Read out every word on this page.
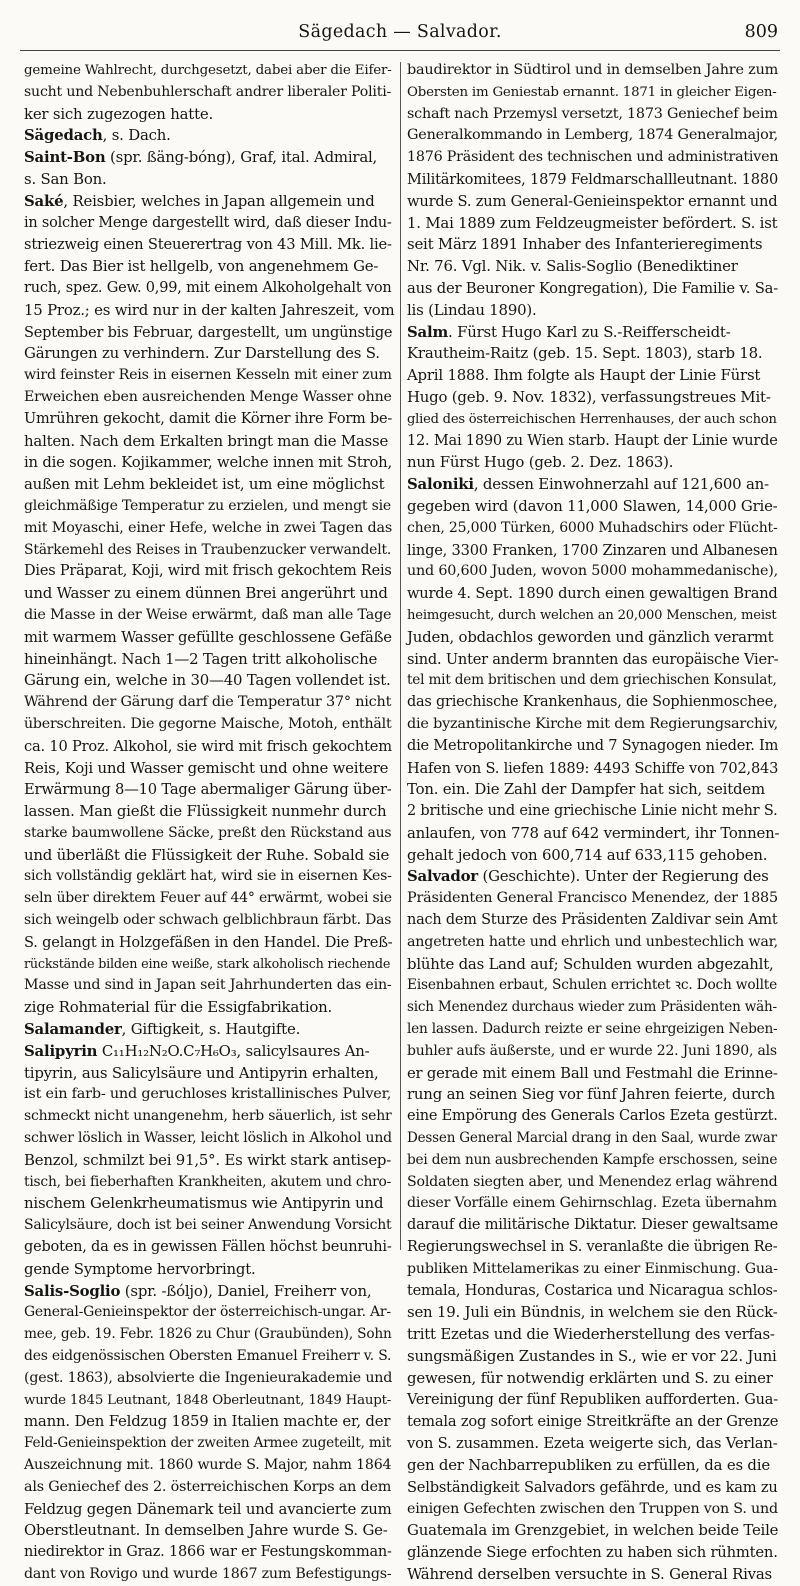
Sägedach — Salvador.	809
gemeine Wahlrecht, durchgesetzt, dabei aber die Eifer-
sucht und Nebenbuhlerschaft andrer liberaler Politi-
ker sich zugezogen hatte.
Sägedach, s. Dach.
Saint-Bon (spr. ßäng-bóng), Graf, ital. Admiral,
s. San Bon.
Saké, Reisbier, welches in Japan allgemein und
in solcher Menge dargestellt wird, daß dieser Indu-
striezweig einen Steuerertrag von 43 Mill. Mk. lie-
fert. Das Bier ist hellgelb, von angenehmem Ge-
ruch, spez. Gew. 0,99, mit einem Alkoholgehalt von
15 Proz.; es wird nur in der kalten Jahreszeit, vom
September bis Februar, dargestellt, um ungünstige
Gärungen zu verhindern. Zur Darstellung des S.
wird feinster Reis in eisernen Kesseln mit einer zum
Erweichen eben ausreichenden Menge Wasser ohne
Umrühren gekocht, damit die Körner ihre Form be-
halten. Nach dem Erkalten bringt man die Masse
in die sogen. Kojikammer, welche innen mit Stroh,
außen mit Lehm bekleidet ist, um eine möglichst
gleichmäßige Temperatur zu erzielen, und mengt sie
mit Moyaschi, einer Hefe, welche in zwei Tagen das
Stärkemehl des Reises in Traubenzucker verwandelt.
Dies Präparat, Koji, wird mit frisch gekochtem Reis
und Wasser zu einem dünnen Brei angerührt und
die Masse in der Weise erwärmt, daß man alle Tage
mit warmem Wasser gefüllte geschlossene Gefäße
hineinhängt. Nach 1—2 Tagen tritt alkoholische
Gärung ein, welche in 30—40 Tagen vollendet ist.
Während der Gärung darf die Temperatur 37° nicht
überschreiten. Die gegorne Maische, Motoh, enthält
ca. 10 Proz. Alkohol, sie wird mit frisch gekochtem
Reis, Koji und Wasser gemischt und ohne weitere
Erwärmung 8—10 Tage abermaliger Gärung über-
lassen. Man gießt die Flüssigkeit nunmehr durch
starke baumwollene Säcke, preßt den Rückstand aus
und überläßt die Flüssigkeit der Ruhe. Sobald sie
sich vollständig geklärt hat, wird sie in eisernen Kes-
seln über direktem Feuer auf 44° erwärmt, wobei sie
sich weingelb oder schwach gelblichbraun färbt. Das
S. gelangt in Holzgefäßen in den Handel. Die Preß-
rückstände bilden eine weiße, stark alkoholisch riechende
Masse und sind in Japan seit Jahrhunderten das ein-
zige Rohmaterial für die Essigfabrikation.
Salamander, Giftigkeit, s. Hautgifte.
Salipyrin C₁₁H₁₂N₂O.C₇H₆O₃, salicylsaures An-
tipyrin, aus Salicylsäure und Antipyrin erhalten,
ist ein farb- und geruchloses kristallinisches Pulver,
schmeckt nicht unangenehm, herb säuerlich, ist sehr
schwer löslich in Wasser, leicht löslich in Alkohol und
Benzol, schmilzt bei 91,5°. Es wirkt stark antisep-
tisch, bei fieberhaften Krankheiten, akutem und chro-
nischem Gelenkrheumatismus wie Antipyrin und
Salicylsäure, doch ist bei seiner Anwendung Vorsicht
geboten, da es in gewissen Fällen höchst beunruhi-
gende Symptome hervorbringt.
Salis-Soglio (spr. -ßóljo), Daniel, Freiherr von,
General-Genieinspektor der österreichisch-ungar. Ar-
mee, geb. 19. Febr. 1826 zu Chur (Graubünden), Sohn
des eidgenössischen Obersten Emanuel Freiherr v. S.
(gest. 1863), absolvierte die Ingenieurakademie und
wurde 1845 Leutnant, 1848 Oberleutnant, 1849 Haupt-
mann. Den Feldzug 1859 in Italien machte er, der
Feld-Genieinspektion der zweiten Armee zugeteilt, mit
Auszeichnung mit. 1860 wurde S. Major, nahm 1864
als Geniechef des 2. österreichischen Korps an dem
Feldzug gegen Dänemark teil und avancierte zum
Oberstleutnant. In demselben Jahre wurde S. Ge-
niedirektor in Graz. 1866 war er Festungskomman-
dant von Rovigo und wurde 1867 zum Befestigungs-
baudirektor in Südtirol und in demselben Jahre zum
Obersten im Geniestab ernannt. 1871 in gleicher Eigen-
schaft nach Przemysl versetzt, 1873 Geniechef beim
Generalkommando in Lemberg, 1874 Generalmajor,
1876 Präsident des technischen und administrativen
Militärkomitees, 1879 Feldmarschallleutnant. 1880
wurde S. zum General-Genieinspektor ernannt und
1. Mai 1889 zum Feldzeugmeister befördert. S. ist
seit März 1891 Inhaber des Infanterieregiments
Nr. 76. Vgl. Nik. v. Salis-Soglio (Benediktiner
aus der Beuroner Kongregation), Die Familie v. Sa-
lis (Lindau 1890).
Salm. Fürst Hugo Karl zu S.-Reifferscheidt-
Krautheim-Raitz (geb. 15. Sept. 1803), starb 18.
April 1888. Ihm folgte als Haupt der Linie Fürst
Hugo (geb. 9. Nov. 1832), verfassungstreues Mit-
glied des österreichischen Herrenhauses, der auch schon
12. Mai 1890 zu Wien starb. Haupt der Linie wurde
nun Fürst Hugo (geb. 2. Dez. 1863).
Saloniki, dessen Einwohnerzahl auf 121,600 an-
gegeben wird (davon 11,000 Slawen, 14,000 Grie-
chen, 25,000 Türken, 6000 Muhadschirs oder Flücht-
linge, 3300 Franken, 1700 Zinzaren und Albanesen
und 60,600 Juden, wovon 5000 mohammedanische),
wurde 4. Sept. 1890 durch einen gewaltigen Brand
heimgesucht, durch welchen an 20,000 Menschen, meist
Juden, obdachlos geworden und gänzlich verarmt
sind. Unter anderm brannten das europäische Vier-
tel mit dem britischen und dem griechischen Konsulat,
das griechische Krankenhaus, die Sophienmoschee,
die byzantinische Kirche mit dem Regierungsarchiv,
die Metropolitankirche und 7 Synagogen nieder. Im
Hafen von S. liefen 1889: 4493 Schiffe von 702,843
Ton. ein. Die Zahl der Dampfer hat sich, seitdem
2 britische und eine griechische Linie nicht mehr S.
anlaufen, von 778 auf 642 vermindert, ihr Tonnen-
gehalt jedoch von 600,714 auf 633,115 gehoben.
Salvador (Geschichte). Unter der Regierung des
Präsidenten General Francisco Menendez, der 1885
nach dem Sturze des Präsidenten Zaldivar sein Amt
angetreten hatte und ehrlich und unbestechlich war,
blühte das Land auf; Schulden wurden abgezahlt,
Eisenbahnen erbaut, Schulen errichtet ꝛc. Doch wollte
sich Menendez durchaus wieder zum Präsidenten wäh-
len lassen. Dadurch reizte er seine ehrgeizigen Neben-
buhler aufs äußerste, und er wurde 22. Juni 1890, als
er gerade mit einem Ball und Festmahl die Erinne-
rung an seinen Sieg vor fünf Jahren feierte, durch
eine Empörung des Generals Carlos Ezeta gestürzt.
Dessen General Marcial drang in den Saal, wurde zwar
bei dem nun ausbrechenden Kampfe erschossen, seine
Soldaten siegten aber, und Menendez erlag während
dieser Vorfälle einem Gehirnschlag. Ezeta übernahm
darauf die militärische Diktatur. Dieser gewaltsame
Regierungswechsel in S. veranlaßte die übrigen Re-
publiken Mittelamerikas zu einer Einmischung. Gua-
temala, Honduras, Costarica und Nicaragua schlos-
sen 19. Juli ein Bündnis, in welchem sie den Rück-
tritt Ezetas und die Wiederherstellung des verfas-
sungsmäßigen Zustandes in S., wie er vor 22. Juni
gewesen, für notwendig erklärten und S. zu einer
Vereinigung der fünf Republiken aufforderten. Gua-
temala zog sofort einige Streitkräfte an der Grenze
von S. zusammen. Ezeta weigerte sich, das Verlan-
gen der Nachbarrepubliken zu erfüllen, da es die
Selbständigkeit Salvadors gefährde, und es kam zu
einigen Gefechten zwischen den Truppen von S. und
Guatemala im Grenzgebiet, in welchen beide Teile
glänzende Siege erfochten zu haben sich rühmten.
Während derselben versuchte in S. General Rivas
